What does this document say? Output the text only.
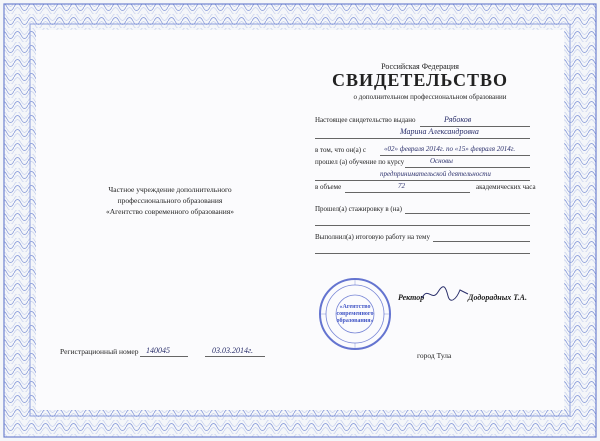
Российская Федерация
СВИДЕТЕЛЬСТВО
о дополнительном профессиональном образовании
Настоящее свидетельство выдано	Рябоков
Марина Александровна
в том, что он(а) с	«02» февраля 2014г. по «15» февраля 2014г.
прошел (а) обучение по курсу	Основы
предпринимательской деятельности
в объеме	72	академических часа
Прошел(а) стажировку в (на)
Выполнил(а) итоговую работу на тему
Частное учреждение дополнительного
профессионального образования
«Агентство современного образования»
«Агентство
современного
образования»
Ректор	Додорадных Т.А.
Регистрационный номер 140045	03.03.2014г.
город Тула
